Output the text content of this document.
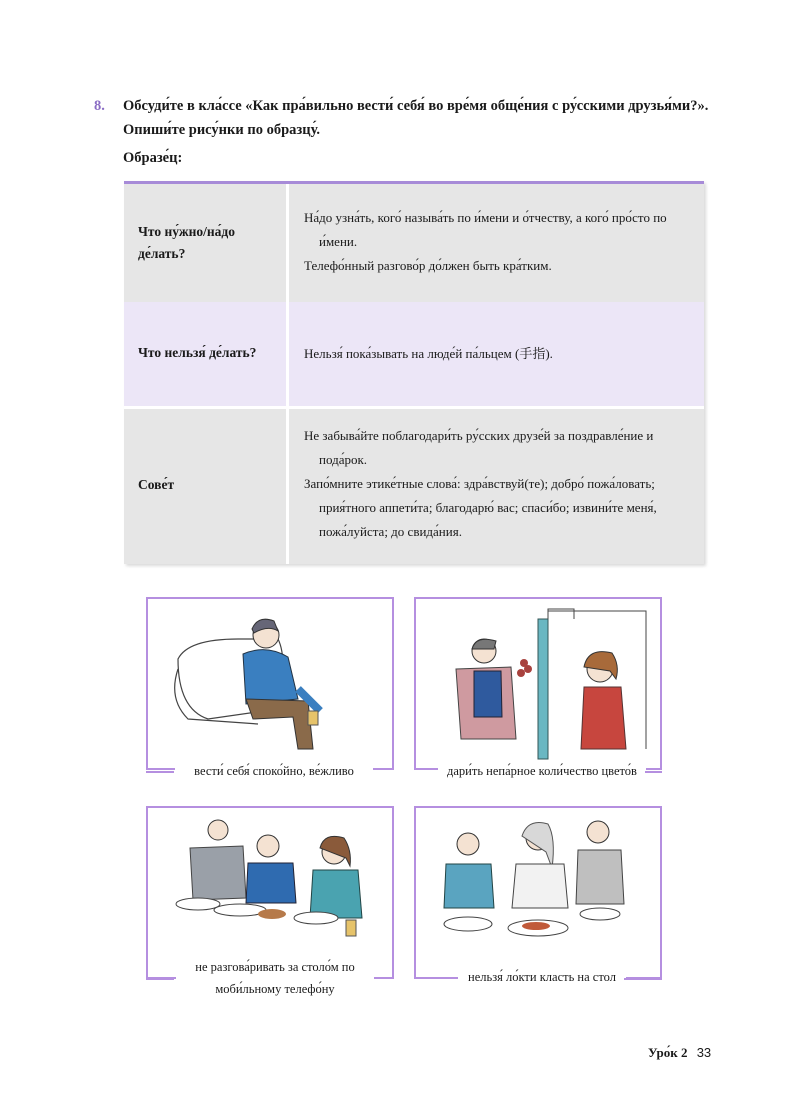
8. Обсуди́те в кла́ссе «Как пра́вильно вести́ себя́ во вре́мя обще́ния с ру́сскими друзья́ми?». Опиши́те рису́нки по образцу́.
Образе́ц:
Что ну́жно/на́до де́лать?

На́до узна́ть, кого́ называ́ть по и́мени и о́тчеству, а кого́ про́сто по и́мени.

Телефо́нный разгово́р до́лжен быть кра́тким.

Что нельзя́ де́лать?	Нельзя́ пока́зывать на люде́й па́льцем (手指).

Сове́т

Не забыва́йте поблагодари́ть ру́сских друзе́й за поздравле́ние и пода́рок.

Запо́мните этике́тные слова́: здра́вствуй(те); добро́ пожа́ловать; прия́тного аппети́та; благодарю́ вас; спаси́бо; извини́те меня́, пожа́луйста; до свида́ния.

вести́ себя́ споко́йно, ве́жливо	дари́ть непа́рное коли́чество цвето́в
не разгова́ривать за столо́м по моби́льному телефо́ну
нельзя́ ло́кти класть на стол
Уро́к 2 33
